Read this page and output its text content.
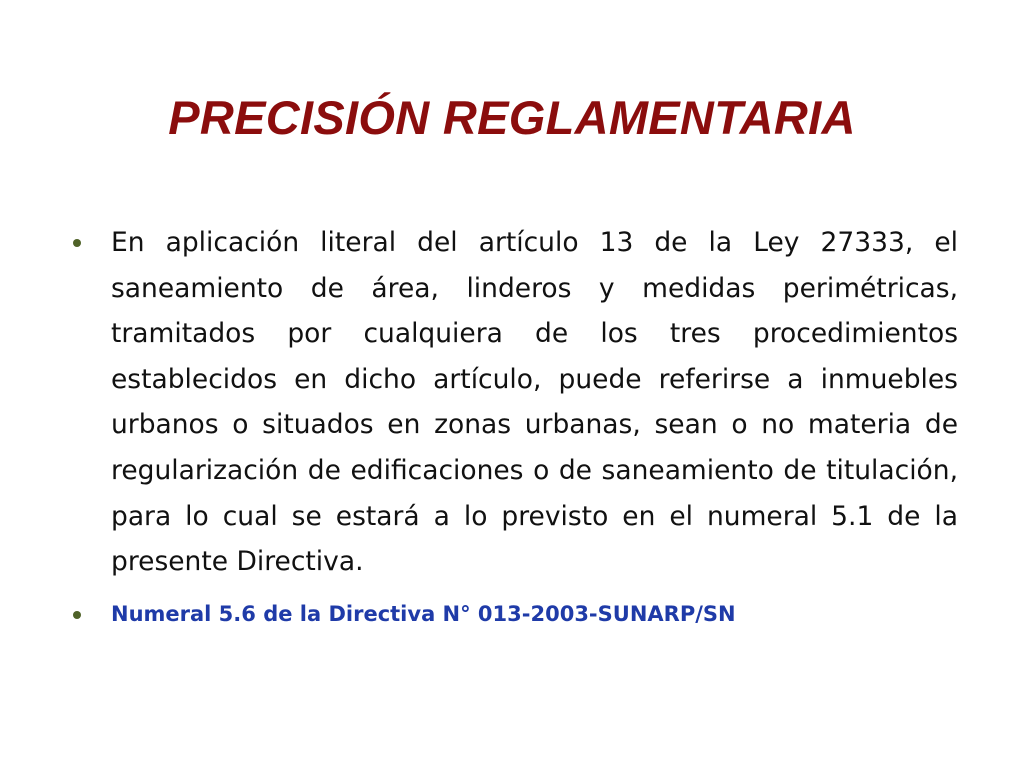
PRECISIÓN REGLAMENTARIA
En aplicación literal del artículo 13 de la Ley 27333, el saneamiento de área, linderos y medidas perimétricas, tramitados por cualquiera de los tres procedimientos establecidos en dicho artículo, puede referirse a inmuebles urbanos o situados en zonas urbanas, sean o no materia de regularización de edificaciones o de saneamiento de titulación, para lo cual se estará a lo previsto en el numeral 5.1 de la presente Directiva.
Numeral 5.6 de la Directiva N° 013-2003-SUNARP/SN
